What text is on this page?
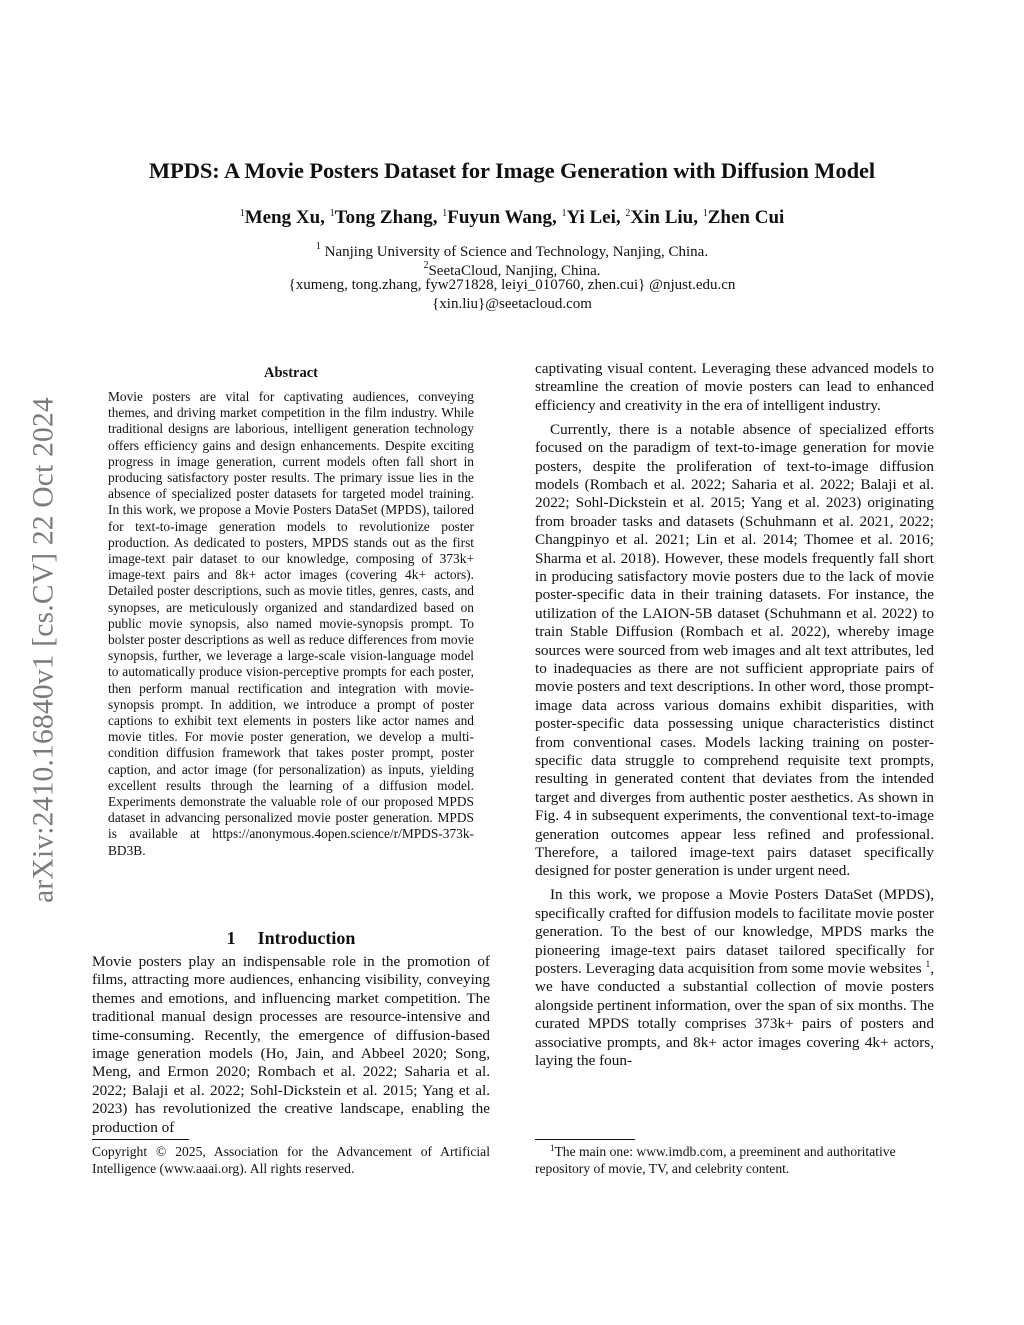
MPDS: A Movie Posters Dataset for Image Generation with Diffusion Model
$^1$Meng Xu, $^1$Tong Zhang, $^1$Fuyun Wang, $^1$Yi Lei, $^2$Xin Liu, $^1$Zhen Cui
$^1$ Nanjing University of Science and Technology, Nanjing, China.
$^2$SeetaCloud, Nanjing, China.
{xumeng, tong.zhang, fyw271828, leiyi_010760, zhen.cui} @njust.edu.cn
{xin.liu}@seetacloud.com
arXiv:2410.16840v1 [cs.CV] 22 Oct 2024
Abstract
Movie posters are vital for captivating audiences, conveying themes, and driving market competition in the film industry. While traditional designs are laborious, intelligent generation technology offers efficiency gains and design enhancements. Despite exciting progress in image generation, current models often fall short in producing satisfactory poster results. The primary issue lies in the absence of specialized poster datasets for targeted model training. In this work, we propose a Movie Posters DataSet (MPDS), tailored for text-to-image generation models to revolutionize poster production. As dedicated to posters, MPDS stands out as the first image-text pair dataset to our knowledge, composing of 373k+ image-text pairs and 8k+ actor images (covering 4k+ actors). Detailed poster descriptions, such as movie titles, genres, casts, and synopses, are meticulously organized and standardized based on public movie synopsis, also named movie-synopsis prompt. To bolster poster descriptions as well as reduce differences from movie synopsis, further, we leverage a large-scale vision-language model to automatically produce vision-perceptive prompts for each poster, then perform manual rectification and integration with movie-synopsis prompt. In addition, we introduce a prompt of poster captions to exhibit text elements in posters like actor names and movie titles. For movie poster generation, we develop a multi-condition diffusion framework that takes poster prompt, poster caption, and actor image (for personalization) as inputs, yielding excellent results through the learning of a diffusion model. Experiments demonstrate the valuable role of our proposed MPDS dataset in advancing personalized movie poster generation. MPDS is available at https://anonymous.4open.science/r/MPDS-373k-BD3B.
1 Introduction
Movie posters play an indispensable role in the promotion of films, attracting more audiences, enhancing visibility, conveying themes and emotions, and influencing market competition. The traditional manual design processes are resource-intensive and time-consuming. Recently, the emergence of diffusion-based image generation models (Ho, Jain, and Abbeel 2020; Song, Meng, and Ermon 2020; Rombach et al. 2022; Saharia et al. 2022; Balaji et al. 2022; Sohl-Dickstein et al. 2015; Yang et al. 2023) has revolutionized the creative landscape, enabling the production of
Copyright © 2025, Association for the Advancement of Artificial Intelligence (www.aaai.org). All rights reserved.

captivating visual content. Leveraging these advanced models to streamline the creation of movie posters can lead to enhanced efficiency and creativity in the era of intelligent industry.

Currently, there is a notable absence of specialized efforts focused on the paradigm of text-to-image generation for movie posters, despite the proliferation of text-to-image diffusion models (Rombach et al. 2022; Saharia et al. 2022; Balaji et al. 2022; Sohl-Dickstein et al. 2015; Yang et al. 2023) originating from broader tasks and datasets (Schuhmann et al. 2021, 2022; Changpinyo et al. 2021; Lin et al. 2014; Thomee et al. 2016; Sharma et al. 2018). However, these models frequently fall short in producing satisfactory movie posters due to the lack of movie poster-specific data in their training datasets. For instance, the utilization of the LAION-5B dataset (Schuhmann et al. 2022) to train Stable Diffusion (Rombach et al. 2022), whereby image sources were sourced from web images and alt text attributes, led to inadequacies as there are not sufficient appropriate pairs of movie posters and text descriptions. In other word, those prompt-image data across various domains exhibit disparities, with poster-specific data possessing unique characteristics distinct from conventional cases. Models lacking training on poster-specific data struggle to comprehend requisite text prompts, resulting in generated content that deviates from the intended target and diverges from authentic poster aesthetics. As shown in Fig. 4 in subsequent experiments, the conventional text-to-image generation outcomes appear less refined and professional. Therefore, a tailored image-text pairs dataset specifically designed for poster generation is under urgent need.

In this work, we propose a Movie Posters DataSet (MPDS), specifically crafted for diffusion models to facilitate movie poster generation. To the best of our knowledge, MPDS marks the pioneering image-text pairs dataset tailored specifically for posters. Leveraging data acquisition from some movie websites $^1$, we have conducted a substantial collection of movie posters alongside pertinent information, over the span of six months. The curated MPDS totally comprises 373k+ pairs of posters and associative prompts, and 8k+ actor images covering 4k+ actors, laying the foun-

$^1$The main one: www.imdb.com, a preeminent and authoritative repository of movie, TV, and celebrity content.
